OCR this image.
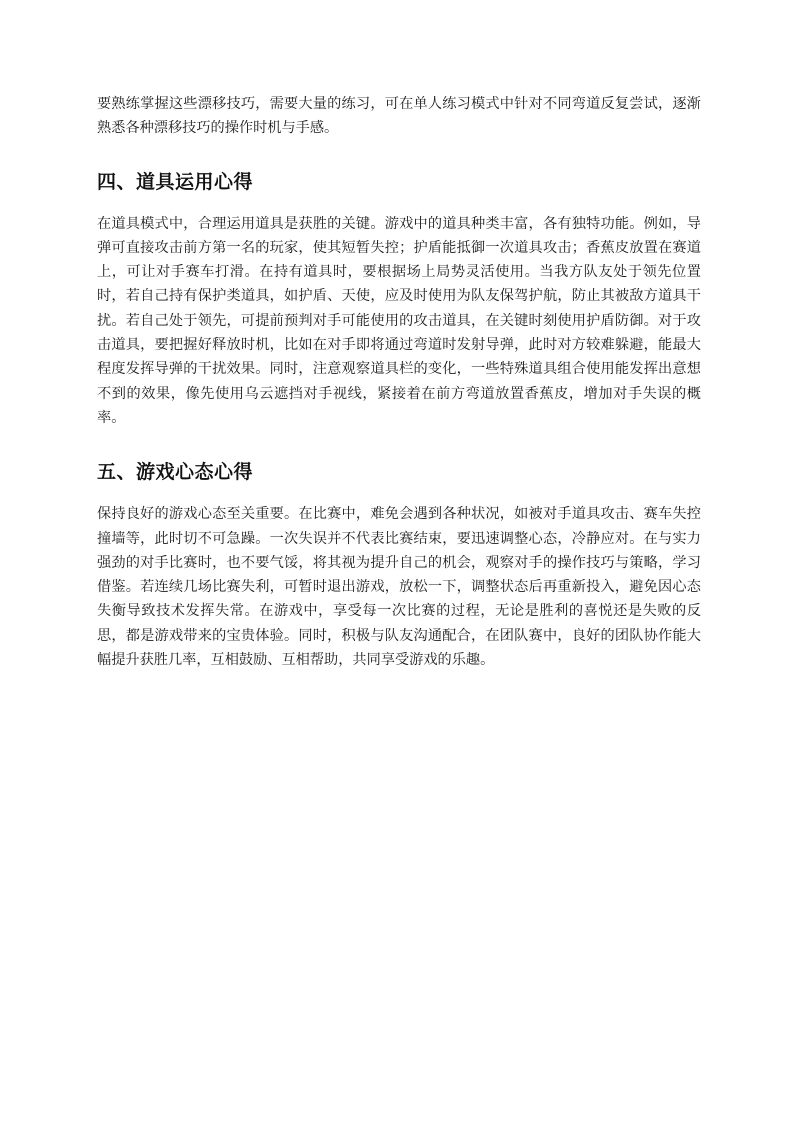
要熟练掌握这些漂移技巧，需要大量的练习，可在单人练习模式中针对不同弯道反复尝试，逐渐熟悉各种漂移技巧的操作时机与手感。

四、道具运用心得

在道具模式中，合理运用道具是获胜的关键。游戏中的道具种类丰富，各有独特功能。例如，导弹可直接攻击前方第一名的玩家，使其短暂失控；护盾能抵御一次道具攻击；香蕉皮放置在赛道上，可让对手赛车打滑。在持有道具时，要根据场上局势灵活使用。当我方队友处于领先位置时，若自己持有保护类道具，如护盾、天使，应及时使用为队友保驾护航，防止其被敌方道具干扰。若自己处于领先，可提前预判对手可能使用的攻击道具，在关键时刻使用护盾防御。对于攻击道具，要把握好释放时机，比如在对手即将通过弯道时发射导弹，此时对方较难躲避，能最大程度发挥导弹的干扰效果。同时，注意观察道具栏的变化，一些特殊道具组合使用能发挥出意想不到的效果，像先使用乌云遮挡对手视线，紧接着在前方弯道放置香蕉皮，增加对手失误的概率。

五、游戏心态心得

保持良好的游戏心态至关重要。在比赛中，难免会遇到各种状况，如被对手道具攻击、赛车失控撞墙等，此时切不可急躁。一次失误并不代表比赛结束，要迅速调整心态，冷静应对。在与实力强劲的对手比赛时，也不要气馁，将其视为提升自己的机会，观察对手的操作技巧与策略，学习借鉴。若连续几场比赛失利，可暂时退出游戏，放松一下，调整状态后再重新投入，避免因心态失衡导致技术发挥失常。在游戏中，享受每一次比赛的过程，无论是胜利的喜悦还是失败的反思，都是游戏带来的宝贵体验。同时，积极与队友沟通配合，在团队赛中，良好的团队协作能大幅提升获胜几率，互相鼓励、互相帮助，共同享受游戏的乐趣。
